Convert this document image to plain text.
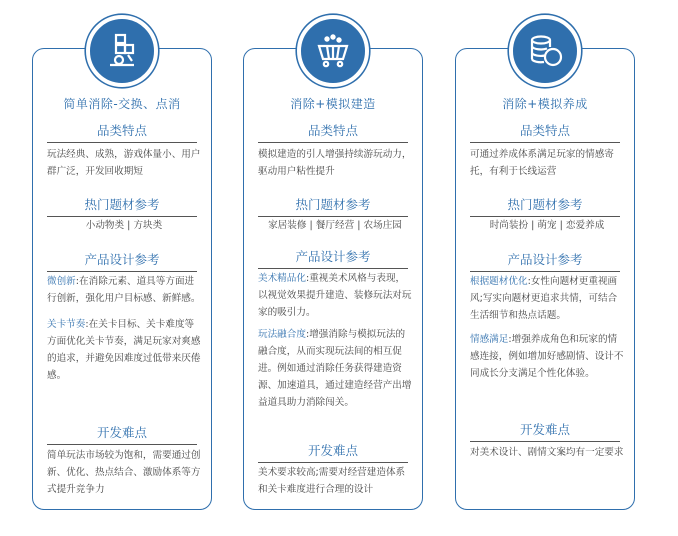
简单消除-交换、点消
品类特点
玩法经典、成熟，游戏体量小、用户群广泛，开发回收期短
热门题材参考
小动物类 | 方块类
产品设计参考

微创新:在消除元素、道具等方面进行创新，强化用户目标感、新鲜感。

关卡节奏:在关卡目标、关卡难度等方面优化关卡节奏，满足玩家对爽感的追求，并避免因难度过低带来厌倦感。

开发难点
简单玩法市场较为饱和，需要通过创新、优化、热点结合、激励体系等方式提升竞争力
消除+模拟建造
品类特点
模拟建造的引人增强持续游玩动力，驱动用户粘性提升
热门题材参考
家居装修 | 餐厅经营 | 农场庄园
产品设计参考

美术精品化:重视美术风格与表现，以视觉效果提升建造、装修玩法对玩家的吸引力。

玩法融合度:增强消除与模拟玩法的融合度，从而实现玩法间的相互促进。例如通过消除任务获得建造资源、加速道具，通过建造经营产出增益道具助力消除闯关。

开发难点
美术要求较高;需要对经营建造体系和关卡难度进行合理的设计
消除+模拟养成
品类特点
可通过养成体系满足玩家的情感寄托，有利于长线运营
热门题材参考
时尚装扮 | 萌宠 | 恋爱养成
产品设计参考

根据题材优化:女性向题材更重视画风;写实向题材更追求共情，可结合生活细节和热点话题。

情感满足:增强养成角色和玩家的情感连接，例如增加好感剧情、设计不同成长分支满足个性化体验。

开发难点
对美术设计、剧情文案均有一定要求
